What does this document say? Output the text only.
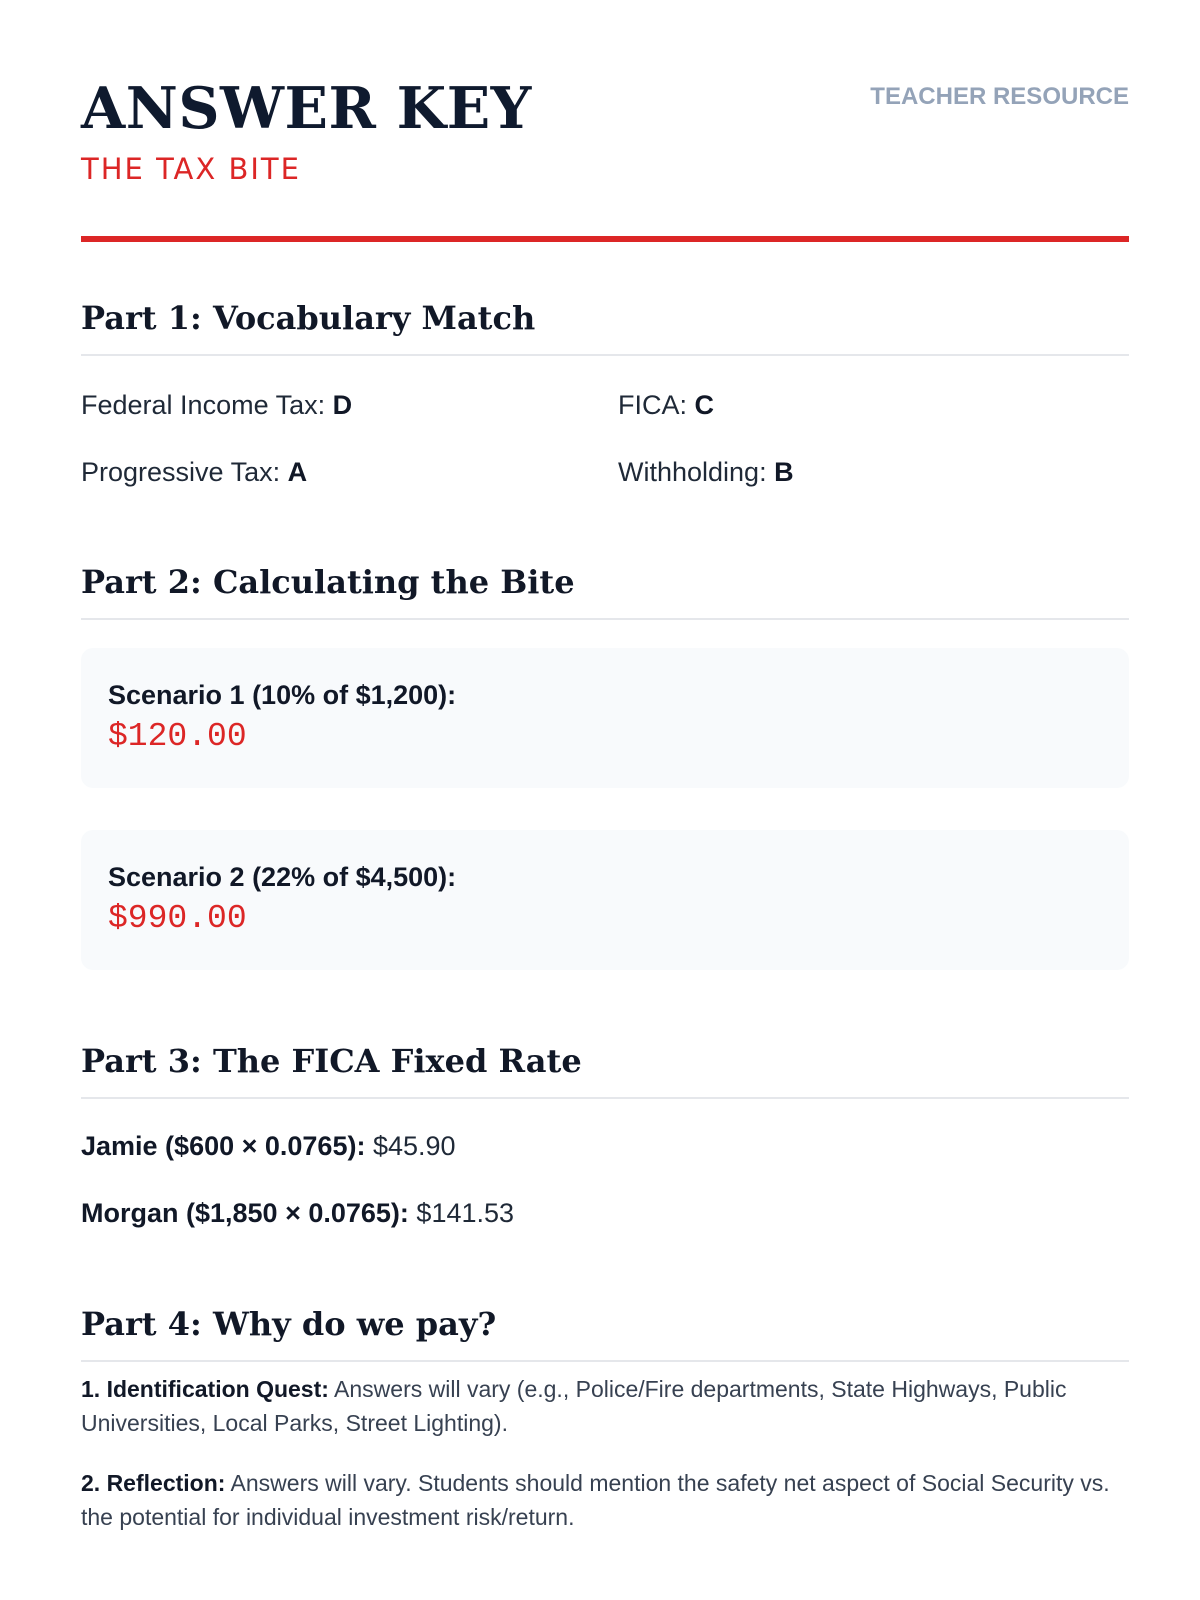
ANSWER KEY
THE TAX BITE
TEACHER RESOURCE
Part 1: Vocabulary Match
Federal Income Tax: D	FICA: C
Progressive Tax: A	Withholding: B
Part 2: Calculating the Bite
Scenario 1 (10% of $1,200):
$120.00
Scenario 2 (22% of $4,500):
$990.00
Part 3: The FICA Fixed Rate
Jamie ($600 × 0.0765): $45.90
Morgan ($1,850 × 0.0765): $141.53
Part 4: Why do we pay?
1. Identification Quest: Answers will vary (e.g., Police/Fire departments, State Highways, Public Universities, Local Parks, Street Lighting).
2. Reflection: Answers will vary. Students should mention the safety net aspect of Social Security vs. the potential for individual investment risk/return.
